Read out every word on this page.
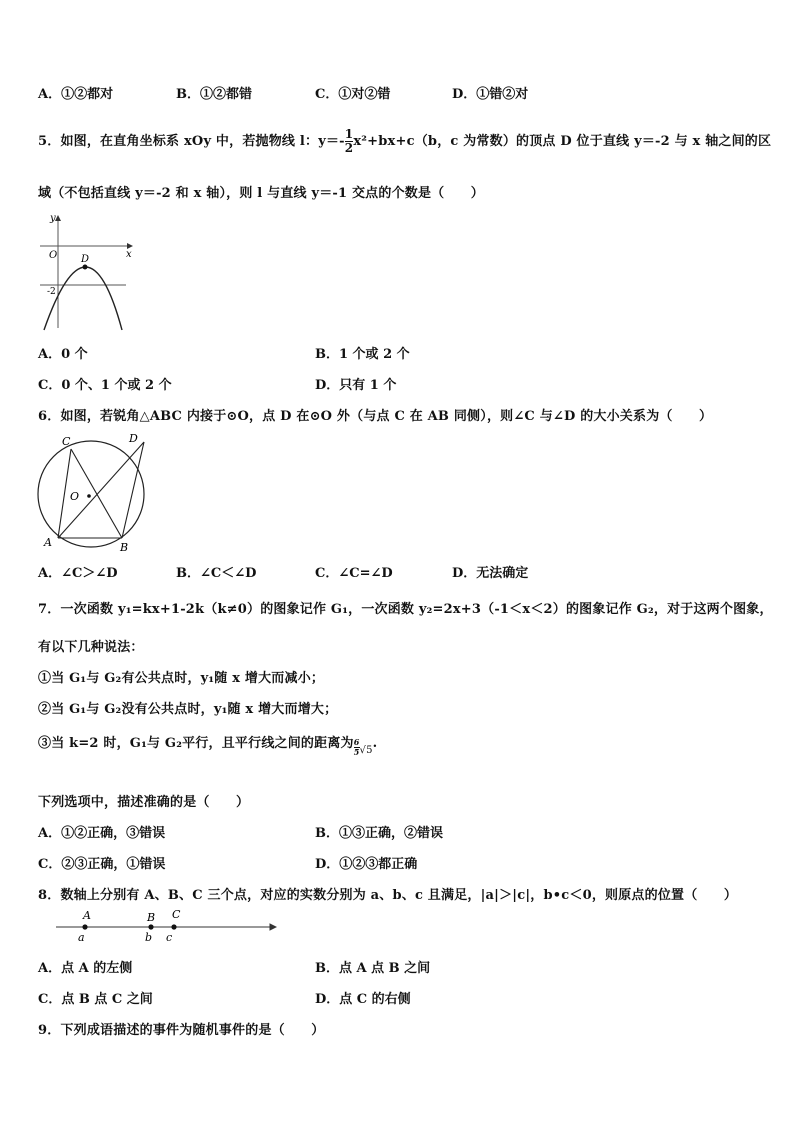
A．①②都对	B．①②都错	C．①对②错	D．①错②对
5．如图，在直角坐标系 xOy 中，若抛物线 l：$y=- \frac{1}{2} x^2+bx+c(b$，c 为常数）的顶点 D 位于直线 y＝-2 与 x 轴之间的区
域（不包括直线 y＝-2 和 x 轴），则 l 与直线 y＝-1 交点的个数是（　　）
y
x
O D
-2
A．0 个	B．1 个或 2 个
C．0 个、1 个或 2 个	D．只有 1 个
6．如图，若锐角△ABC 内接于⊙O，点 D 在⊙O 外（与点 C 在 AB 同侧），则∠C 与∠D 的大小关系为（　　）
C	D
O
A	B
A．∠C＞∠D	B．∠C＜∠D	C．∠C=∠D	D．无法确定
7．一次函数 y₁=kx+1-2k（k≠0）的图象记作 G₁，一次函数 y₂=2x+3（-1＜x＜2）的图象记作 G₂，对于这两个图象，
有以下几种说法：
①当 G₁与 G₂有公共点时，y₁随 x 增大而减小；
②当 G₁与 G₂没有公共点时，y₁随 x 增大而增大；
③当 k=2 时，G₁与 G₂平行，且平行线之间的距离为 $\frac{6}{5} _{√5}$.
下列选项中，描述准确的是（　　）
A．①②正确，③错误	B．①③正确，②错误
C．②③正确，①错误	D．①②③都正确
8．数轴上分别有 A、B、C 三个点，对应的实数分别为 a、b、c 且满足，|a|＞|c|，b•c＜0，则原点的位置（　　）
A	B C
a	b c
A．点 A 的左侧	B．点 A 点 B 之间
C．点 B 点 C 之间	D．点 C 的右侧
9．下列成语描述的事件为随机事件的是（　　）
